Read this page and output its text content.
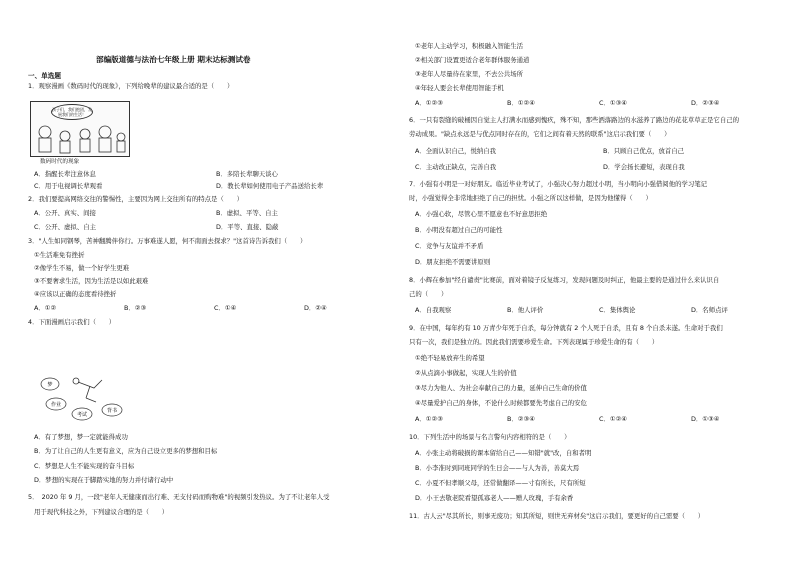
部编版道德与法治七年级上册 期末达标测试卷
一、单选题
1．观察漫画《数码时代的现象》，下列给晚辈的建议最合适的是（　　）
孩子们，我们抱团，发展我们的生活！
数码时代的现象
A．指醒长辈注意休息	B．多陪长辈聊天谈心
C．用于电视调长辈观看	D．教长辈如何使用电子产品送给长辈
2．我们要提高网络交往的警惕性，主要因为网上交往所有的特点是（　　）
A．公开、真实、间接	B．虚拟、平等、自主
C．公开、虚拟、自主	D．平等、直接、隐蔽
3．"人生如同钢琴，苦神翻腾伴你行。万事难遂人愿，何不南面去探求？"这首诗告诉我们（　　）
①生活难免有挫折
②像学生不易，做一个好学生更难
③不要奢求生活，因为生活是以如此艰难
④应该以正确的态度看待挫折
A．①②	B．②③	C．①④	D．②④
4．下面漫画启示我们（　　）
梦
作业
考试
背书
A．有了梦想，梦一定就能得成功
B．为了让自己的人生更有意义，应为自己设立更多的梦想和目标
C．梦想是人生不能实现的奋斗目标
D．梦想的实现在于脚踏实地的努力并付诸行动中
5．　2020 年 9 月，一段"老年人无健康而出行难、无支付码而购物难"的视频引发热议。为了不让老年人受
用于现代科技之外，下列建议合理的是（　　）
①老年人主动学习，积极融入智能生活
②相关部门设置更适合老年群体服务通道
③老年人尽量待在家里，不去公共场所
④年轻人要会长辈使用智能手机
A．①②③	B．①②④	C．①③④	D．②③④
6．一只有裂缝的破桶因自觉主人打满水而感到愧疚，殊不知，那些洒落路边的水滋养了路边的花花草草正是它自己的
劳动成果。"缺点永远是与优点同时存在的，它们之间有着天然的联系"这启示我们要（　　）
A．全面认识自己，悦纳自我	B．只顾自己优点，放首自己
C．主动改正缺点，完善自我	D．学会扬长避短，表现自我
7．小强有小明是一对好朋友。临近毕业考试了，小强决心努力超过小明，当小明向小强借阅他的学习笔记
时，小强觉得全非常地拒绝了自己的担忧。小强之所以这样做，是因为他懂得（　　）
A．小强心软，尽管心里不愿意也不好意思拒绝
B．小明没有超过自己的可能性
C．竞争与友谊并不矛盾
D．朋友拒绝不需要讲原则
8．小辉在参加"经自谴责"比赛前，面对着镜子反复练习，发现问题及时纠正，他最主要的是通过什么来认识自
己的（　　）
A．自我观察	B．他人评价	C．集体舆论	D．名师点评
9．在中国，每年约有 10 万青少年死于自杀，每分钟就有 2 个人死于自杀，且有 8 个自杀未遂。生命对于我们
只有一次，我们是独立的。因此我们需要珍爱生命。下列表现属于珍爱生命的有（　　）
①绝不轻易放弃生的希望
②从点滴小事做起，实现人生的价值
③尽力为他人、为社会奉献自己的力量，延伸自己生命的价值
④尽量爱护自己的身体，不论什么时候都要先考虑自己的安危
A．①②③	B．②③④	C．①②④	D．①③④
10．下列生活中的场景与名言警句内容相符的是（　　）
A．小张主动将破损的课本留给自己——知错"就"改，自和者明
B．小李准时到同班同学的生日会——与人为善，善莫大焉
C．小夏不但孝顺父母，还常做翻译——寸有所长，尺有所短
D．小王去敬老院看望孤寡老人——赠人玫瑰，手有余香
11．古人云"尽其所长，则事无废功；知其所短，则世无弃材矣"这启示我们，要更好的自己需要（　　）
